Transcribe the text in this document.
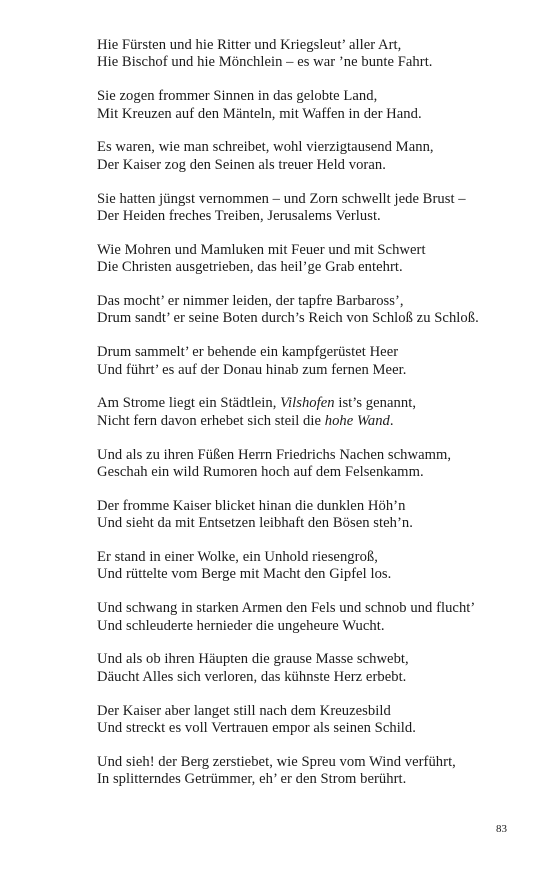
Hie Fürsten und hie Ritter und Kriegsleut’ aller Art,
Hie Bischof und hie Mönchlein – es war ’ne bunte Fahrt.
Sie zogen frommer Sinnen in das gelobte Land,
Mit Kreuzen auf den Mänteln, mit Waffen in der Hand.
Es waren, wie man schreibet, wohl vierzigtausend Mann,
Der Kaiser zog den Seinen als treuer Held voran.
Sie hatten jüngst vernommen – und Zorn schwellt jede Brust –
Der Heiden freches Treiben, Jerusalems Verlust.
Wie Mohren und Mamluken mit Feuer und mit Schwert
Die Christen ausgetrieben, das heil’ge Grab entehrt.
Das mocht’ er nimmer leiden, der tapfre Barbaross’,
Drum sandt’ er seine Boten durch’s Reich von Schloß zu Schloß.
Drum sammelt’ er behende ein kampfgerüstet Heer
Und führt’ es auf der Donau hinab zum fernen Meer.
Am Strome liegt ein Städtlein, Vilshofen ist’s genannt,
Nicht fern davon erhebet sich steil die hohe Wand.
Und als zu ihren Füßen Herrn Friedrichs Nachen schwamm,
Geschah ein wild Rumoren hoch auf dem Felsenkamm.
Der fromme Kaiser blicket hinan die dunklen Höh’n
Und sieht da mit Entsetzen leibhaft den Bösen steh’n.
Er stand in einer Wolke, ein Unhold riesengroß,
Und rüttelte vom Berge mit Macht den Gipfel los.
Und schwang in starken Armen den Fels und schnob und flucht’
Und schleuderte hernieder die ungeheure Wucht.
Und als ob ihren Häupten die grause Masse schwebt,
Däucht Alles sich verloren, das kühnste Herz erbebt.
Der Kaiser aber langet still nach dem Kreuzesbild
Und streckt es voll Vertrauen empor als seinen Schild.
Und sieh! der Berg zerstiebet, wie Spreu vom Wind verführt,
In splitterndes Getrümmer, eh’ er den Strom berührt.
83
